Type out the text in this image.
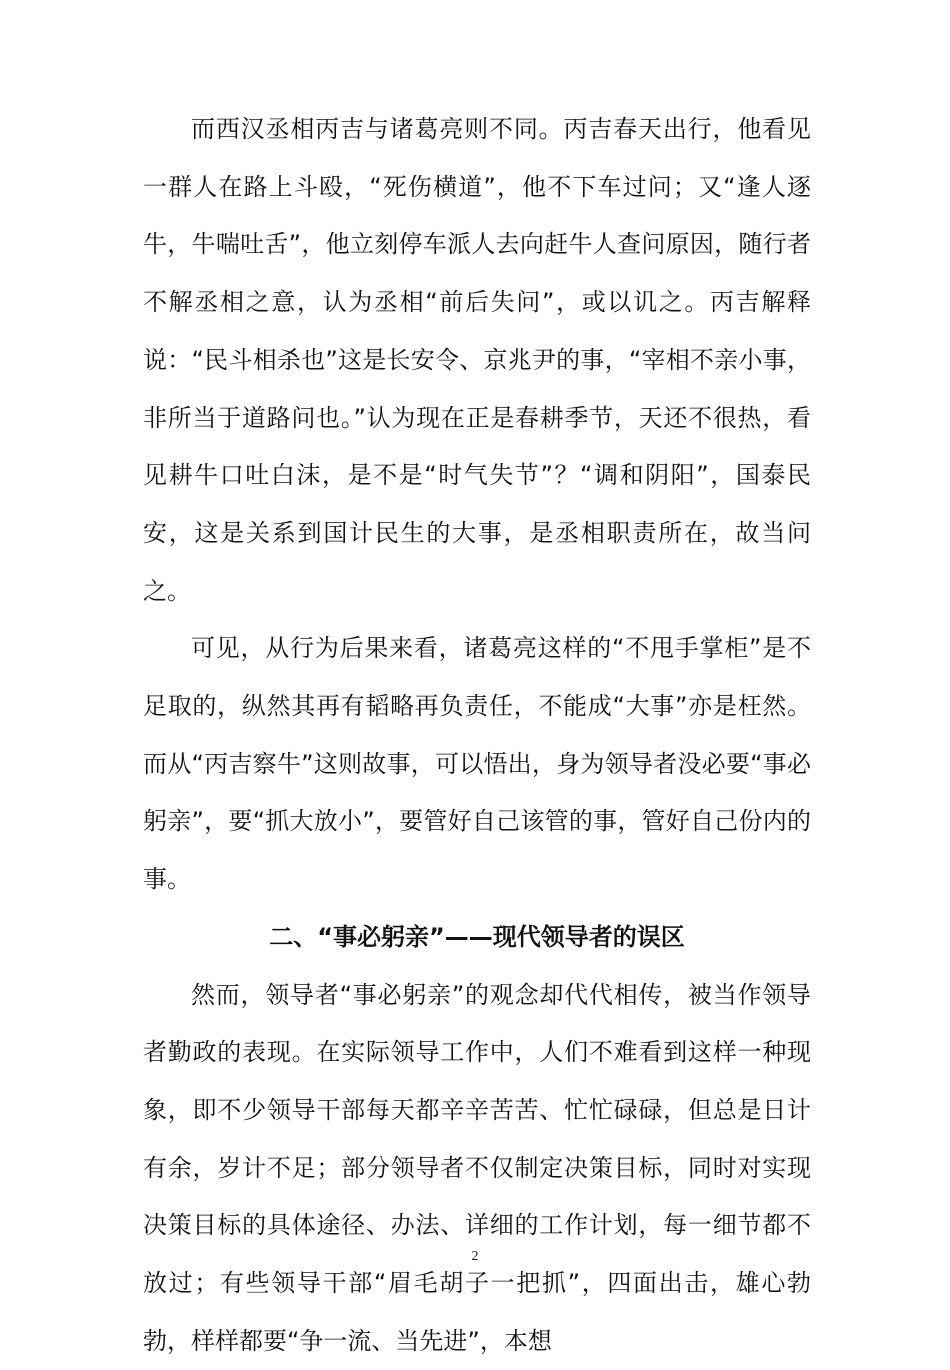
而西汉丞相丙吉与诸葛亮则不同。丙吉春天出行，他看见一群人在路上斗殴，“死伤横道”，他不下车过问；又“逢人逐牛，牛喘吐舌”，他立刻停车派人去向赶牛人查问原因，随行者不解丞相之意，认为丞相“前后失问”，或以讥之。丙吉解释说：“民斗相杀也”这是长安令、京兆尹的事，“宰相不亲小事，非所当于道路问也。”认为现在正是春耕季节，天还不很热，看见耕牛口吐白沫，是不是“时气失节”？“调和阴阳”，国泰民安，这是关系到国计民生的大事，是丞相职责所在，故当问之。

可见，从行为后果来看，诸葛亮这样的“不甩手掌柜”是不足取的，纵然其再有韬略再负责任，不能成“大事”亦是枉然。而从“丙吉察牛”这则故事，可以悟出，身为领导者没必要“事必躬亲”，要“抓大放小”，要管好自己该管的事，管好自己份内的事。

二、“事必躬亲”——现代领导者的误区

然而，领导者“事必躬亲”的观念却代代相传，被当作领导者勤政的表现。在实际领导工作中，人们不难看到这样一种现象，即不少领导干部每天都辛辛苦苦、忙忙碌碌，但总是日计有余，岁计不足；部分领导者不仅制定决策目标，同时对实现决策目标的具体途径、办法、详细的工作计划，每一细节都不放过；有些领导干部“眉毛胡子一把抓”，四面出击，雄心勃勃，样样都要“争一流、当先进”，本想

2
